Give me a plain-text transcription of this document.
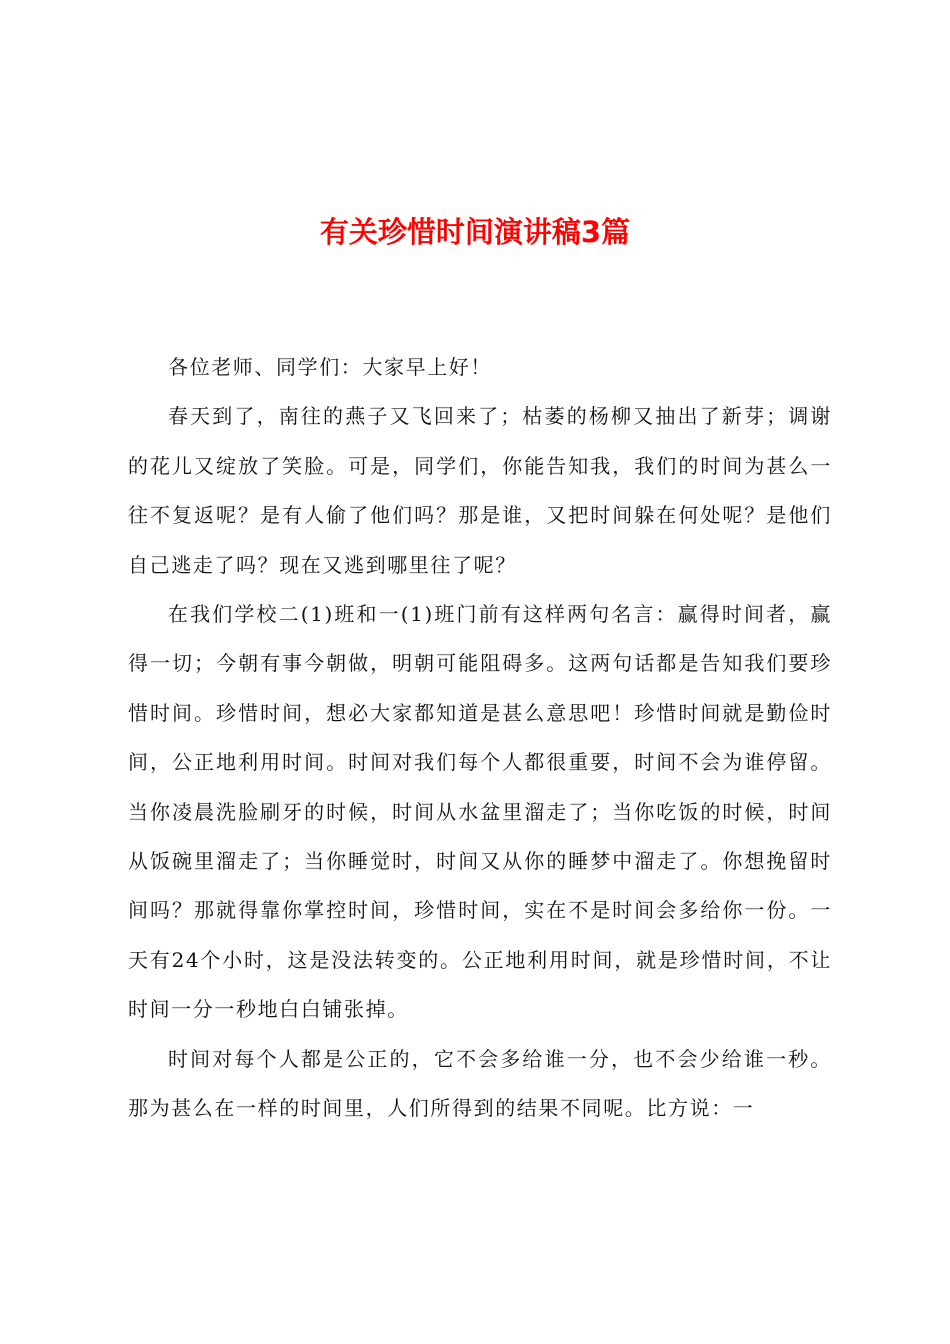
有关珍惜时间演讲稿3篇

各位老师、同学们：大家早上好！

春天到了，南往的燕子又飞回来了；枯萎的杨柳又抽出了新芽；调谢的花儿又绽放了笑脸。可是，同学们，你能告知我，我们的时间为甚么一往不复返呢？是有人偷了他们吗？那是谁，又把时间躲在何处呢？是他们自己逃走了吗？现在又逃到哪里往了呢？

在我们学校二(1)班和一(1)班门前有这样两句名言：赢得时间者，赢得一切；今朝有事今朝做，明朝可能阻碍多。这两句话都是告知我们要珍惜时间。珍惜时间，想必大家都知道是甚么意思吧！珍惜时间就是勤俭时间，公正地利用时间。时间对我们每个人都很重要，时间不会为谁停留。当你凌晨洗脸刷牙的时候，时间从水盆里溜走了；当你吃饭的时候，时间从饭碗里溜走了；当你睡觉时，时间又从你的睡梦中溜走了。你想挽留时间吗？那就得靠你掌控时间，珍惜时间，实在不是时间会多给你一份。一天有24个小时，这是没法转变的。公正地利用时间，就是珍惜时间，不让时间一分一秒地白白铺张掉。

时间对每个人都是公正的，它不会多给谁一分，也不会少给谁一秒。那为甚么在一样的时间里，人们所得到的结果不同呢。比方说：一
